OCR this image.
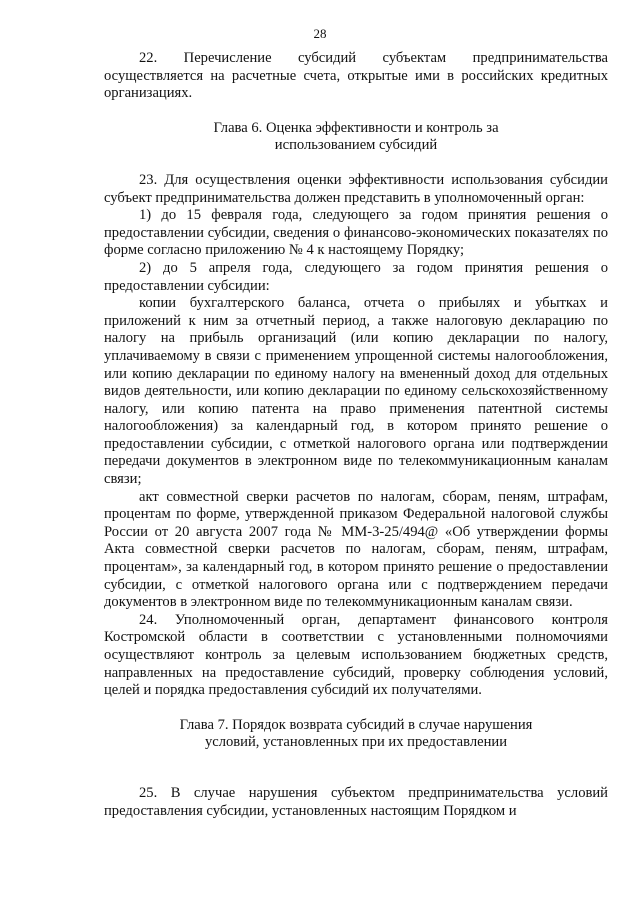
28

22. Перечисление субсидий субъектам предпринимательства осуществляется на расчетные счета, открытые ими в российских кредитных организациях.

Глава 6. Оценка эффективности и контроль за

использованием субсидий

23. Для осуществления оценки эффективности использования субсидии субъект предпринимательства должен представить в уполномоченный орган:

1) до 15 февраля года, следующего за годом принятия решения о предоставлении субсидии, сведения о финансово-экономических показателях по форме согласно приложению № 4 к настоящему Порядку;

2) до 5 апреля года, следующего за годом принятия решения о предоставлении субсидии:

копии бухгалтерского баланса, отчета о прибылях и убытках и приложений к ним за отчетный период, а также налоговую декларацию по налогу на прибыль организаций (или копию декларации по налогу, уплачиваемому в связи с применением упрощенной системы налогообложения, или копию декларации по единому налогу на вмененный доход для отдельных видов деятельности, или копию декларации по единому сельскохозяйственному налогу, или копию патента на право применения патентной системы налогообложения) за календарный год, в котором принято решение о предоставлении субсидии, с отметкой налогового органа или подтверждении передачи документов в электронном виде по телекоммуникационным каналам связи;

акт совместной сверки расчетов по налогам, сборам, пеням, штрафам, процентам по форме, утвержденной приказом Федеральной налоговой службы России от 20 августа 2007 года № ММ-3-25/494@ «Об утверждении формы Акта совместной сверки расчетов по налогам, сборам, пеням, штрафам, процентам», за календарный год, в котором принято решение о предоставлении субсидии, с отметкой налогового органа или с подтверждением передачи документов в электронном виде по телекоммуникационным каналам связи.

24. Уполномоченный орган, департамент финансового контроля Костромской области в соответствии с установленными полномочиями осуществляют контроль за целевым использованием бюджетных средств, направленных на предоставление субсидий, проверку соблюдения условий, целей и порядка предоставления субсидий их получателями.

Глава 7. Порядок возврата субсидий в случае нарушения

условий, установленных при их предоставлении

25. В случае нарушения субъектом предпринимательства условий предоставления субсидии, установленных настоящим Порядком и
